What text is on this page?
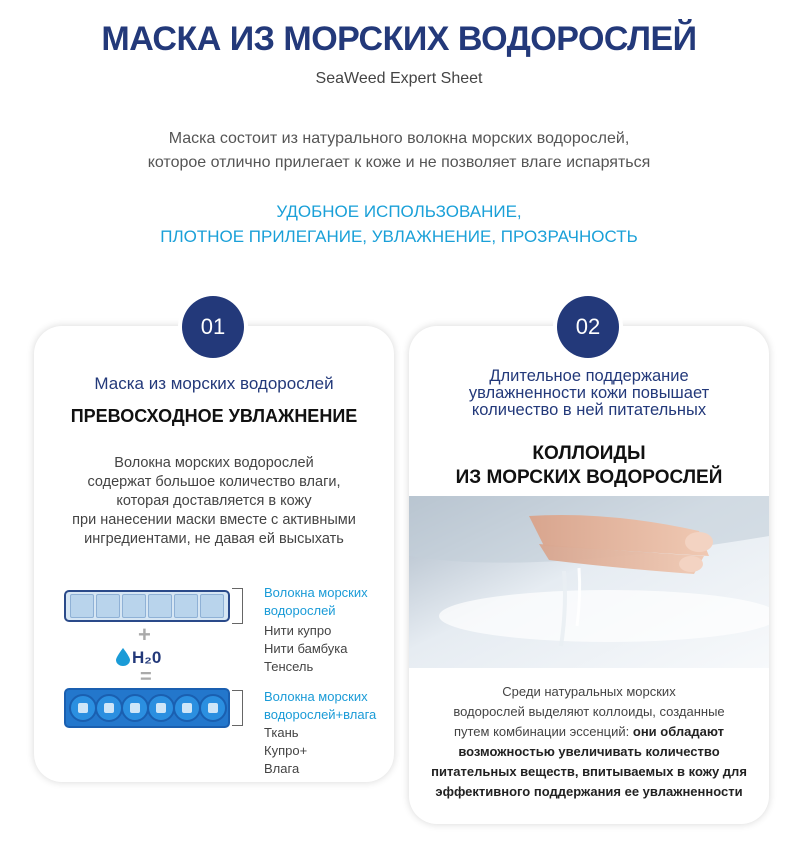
МАСКА ИЗ МОРСКИХ ВОДОРОСЛЕЙ
SeaWeed Expert Sheet
Маска состоит из натурального волокна морских водорослей,
которое отлично прилегает к коже и не позволяет влаге испаряться
УДОБНОЕ ИСПОЛЬЗОВАНИЕ,
ПЛОТНОЕ ПРИЛЕГАНИЕ, УВЛАЖНЕНИЕ, ПРОЗРАЧНОСТЬ
Маска из морских водорослей
ПРЕВОСХОДНОЕ УВЛАЖНЕНИЕ
Волокна морских водорослей
содержат большое количество влаги,
которая доставляется в кожу
при нанесении маски вместе с активными
ингредиентами, не давая ей высыхать
Волокна морских
водорослей
Нити купро
Нити бамбука
Тенсель
+
H₂0
=
Волокна морских
водорослей+влага
Ткань
Купро+
Влага
Длительное поддержание
увлажненности кожи повышает
количество в ней питательных
КОЛЛОИДЫ
ИЗ МОРСКИХ ВОДОРОСЛЕЙ
Среди натуральных морских
водорослей выделяют коллоиды, созданные
путем комбинации эссенций: они обладают
возможностью увеличивать количество
питательных веществ, впитываемых в кожу для
эффективного поддержания ее увлажненности
01	02
